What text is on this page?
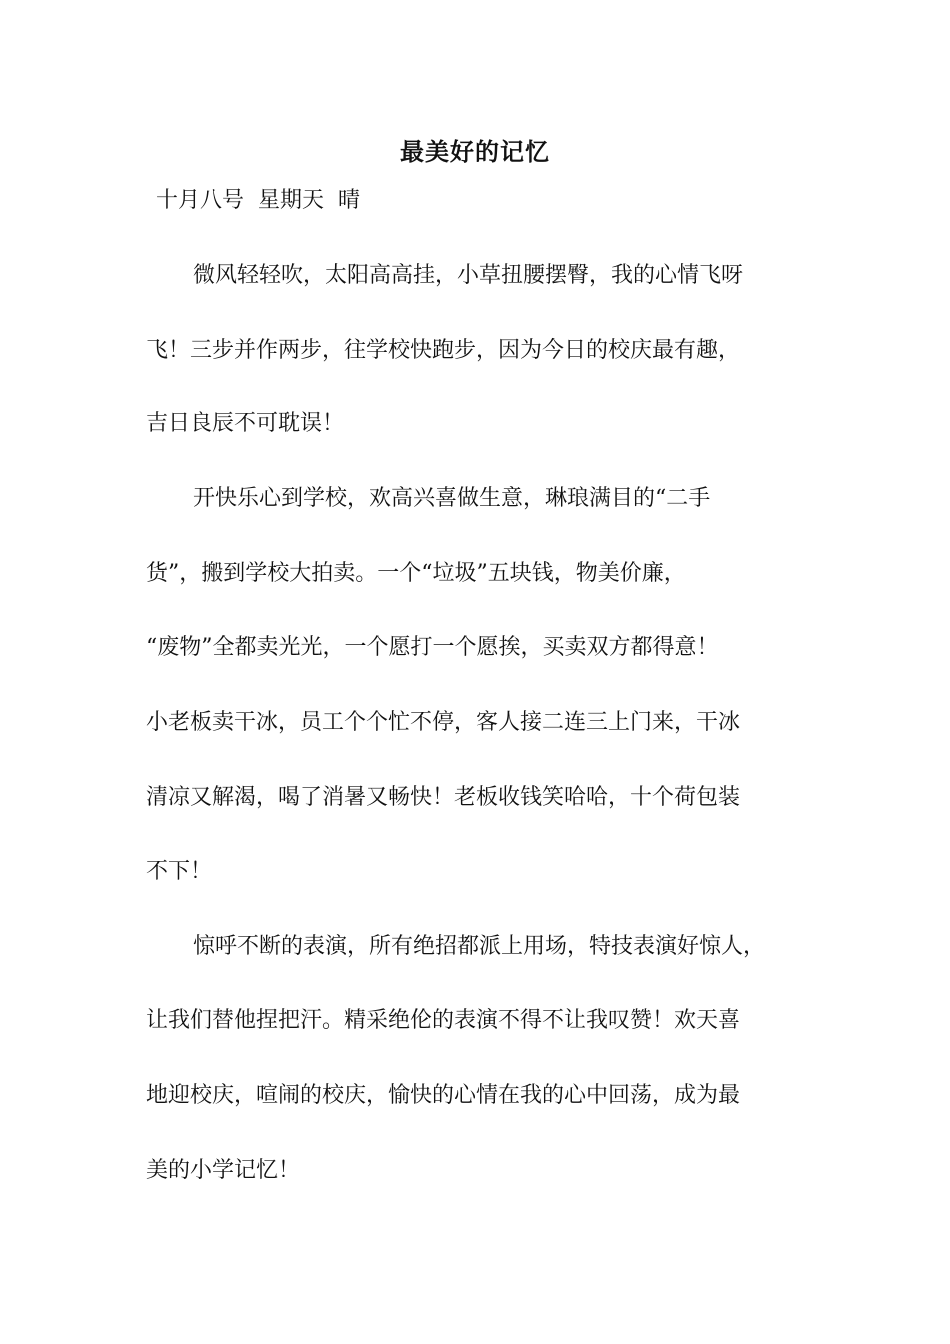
最美好的记忆
十月八号  星期天  晴
微风轻轻吹，太阳高高挂，小草扭腰摆臀，我的心情飞呀
飞！三步并作两步，往学校快跑步，因为今日的校庆最有趣，
吉日良辰不可耽误！
开快乐心到学校，欢高兴喜做生意，琳琅满目的“二手
货”，搬到学校大拍卖。一个“垃圾”五块钱，物美价廉，
“废物”全都卖光光，一个愿打一个愿挨，买卖双方都得意！
小老板卖干冰，员工个个忙不停，客人接二连三上门来，干冰
清凉又解渴，喝了消暑又畅快！老板收钱笑哈哈，十个荷包装
不下！
惊呼不断的表演，所有绝招都派上用场，特技表演好惊人，
让我们替他捏把汗。精采绝伦的表演不得不让我叹赞！欢天喜
地迎校庆，喧闹的校庆，愉快的心情在我的心中回荡，成为最
美的小学记忆！
